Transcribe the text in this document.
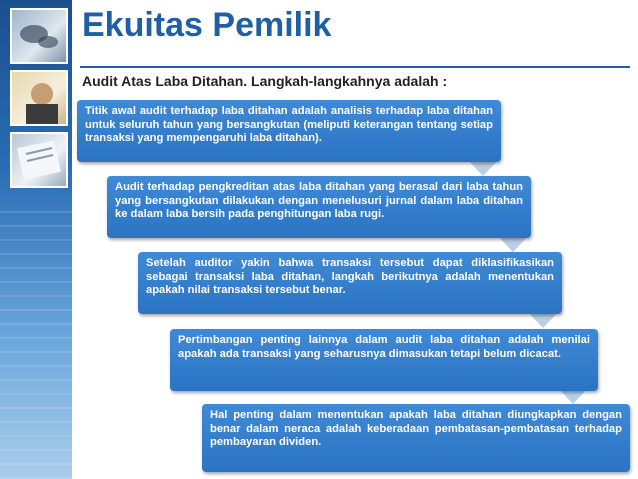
Ekuitas Pemilik
Audit Atas Laba Ditahan. Langkah-langkahnya adalah :

Titik awal audit terhadap laba ditahan adalah analisis terhadap laba ditahan untuk seluruh tahun yang bersangkutan (meliputi keterangan tentang setiap transaksi yang mempengaruhi laba ditahan).

Audit terhadap pengkreditan atas laba ditahan yang berasal dari laba tahun yang bersangkutan dilakukan dengan menelusuri jurnal dalam laba ditahan ke dalam laba bersih pada penghitungan laba rugi.

Setelah auditor yakin bahwa transaksi tersebut dapat diklasifikasikan sebagai transaksi laba ditahan, langkah berikutnya adalah menentukan apakah nilai transaksi tersebut benar.

Pertimbangan penting lainnya dalam audit laba ditahan adalah menilai apakah ada transaksi yang seharusnya dimasukan tetapi belum dicacat.

Hal penting dalam menentukan apakah laba ditahan diungkapkan dengan benar dalam neraca adalah keberadaan pembatasan-pembatasan terhadap pembayaran dividen.
